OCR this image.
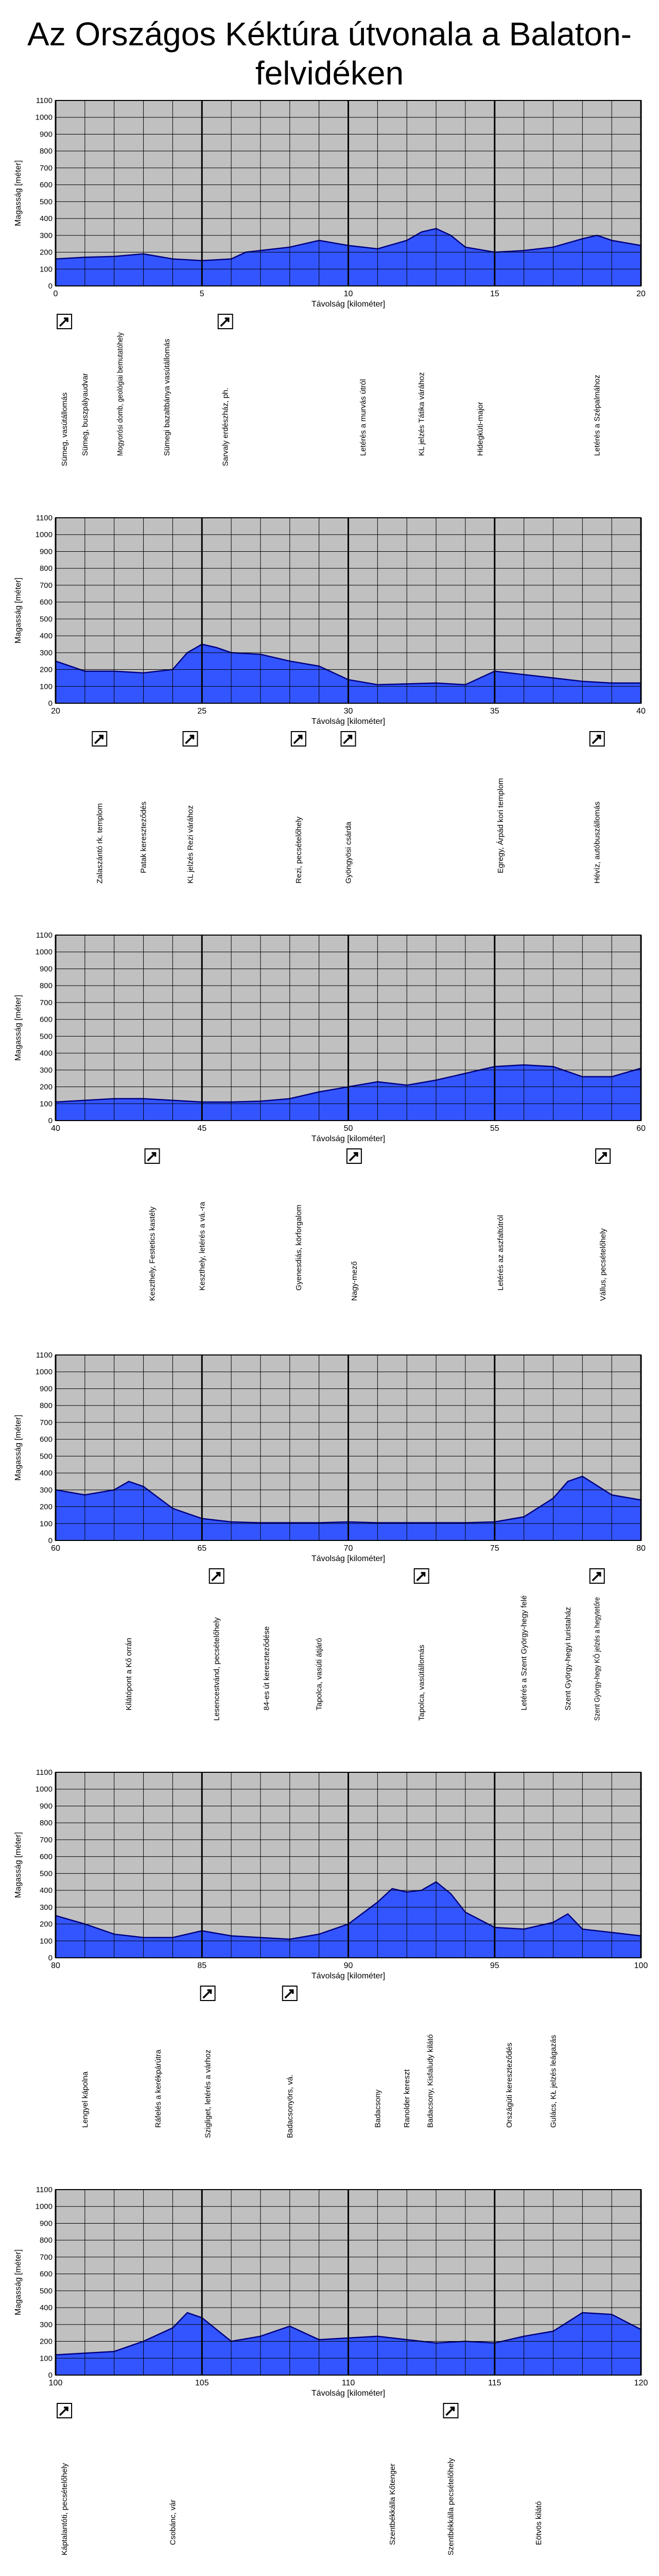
Az Országos Kéktúra útvonala a Balaton-felvidéken
0
100
200
300
400
500
600
700
800
900
1000
1100
0	5	10	15	20
Távolság [kilométer]
Magasság [méter]
Sümeg, vasútállomás Sümeg, buszpályaudvar	Mogyorósi domb, geológiai bemutatóhely	Sümegi bazaltbánya vasútállomás	Sarvaly erdészház, ph.	Letérés a murvás útról	KL jelzés Tátika várához	Hidegkúti-major	Letérés a Szépalmához
0
100
200
300
400
500
600
700
800
900
1000
1100
20	25	30	35	40
Távolság [kilométer]
Magasság [méter]
Zalaszántó rk. templom	Patak kereszteződés	KL jelzés Rezi várához	Rezi, pecsételőhely	Gyöngyösi csárda	Egregy, Árpád kori templom	Hévíz, autóbuszállomás
0
100
200
300
400
500
600
700
800
900
1000
1100
40	45	50	55	60
Távolság [kilométer]
Magasság [méter]
Keszthely, Festetics kastély	Keszthely, letérés a vá.-ra	Gyenesdiás, körforgalom	Nagy-mező	Letérés az aszfaltútról	Vállus, pecsételőhely
0
100
200
300
400
500
600
700
800
900
1000
1100
60	65	70	75	80
Távolság [kilométer]
Magasság [méter]
Kilátópont a Kő orrán	Lesencestvánd, pecsételőhely	84-es út kereszteződése	Tapolca, vasúti átjáró	Tapolca, vasútállomás	Letérés a Szent György-hegy felé	Szent György-hegyi turistaház	Szent György-hegy KŐ jelzés a hegytetőre
0
100
200
300
400
500
600
700
800
900
1000
1100
80	85	90	95	100
Távolság [kilométer]
Magasság [méter]
Lengyel kápolna	Ráfelés a kerékpárútra	Szigliget, letérés a várhoz	Badacsonyörs, vá.	Badacsony	Ranolder kereszt Badacsony, Kisfaludy kilátó	Országúti kereszteződés	Gulács, KŁ jelzés leágazás
0
100
200
300
400
500
600
700
800
900
1000
1100
100	105	110	115	120
Távolság [kilométer]
Magasság [méter]
Káptalantóti, pecsételőhely	Csobánc, vár	Szentbékkálla Kőtenger	Szentbékkálla pecsételőhely	Eötvös kilátó
